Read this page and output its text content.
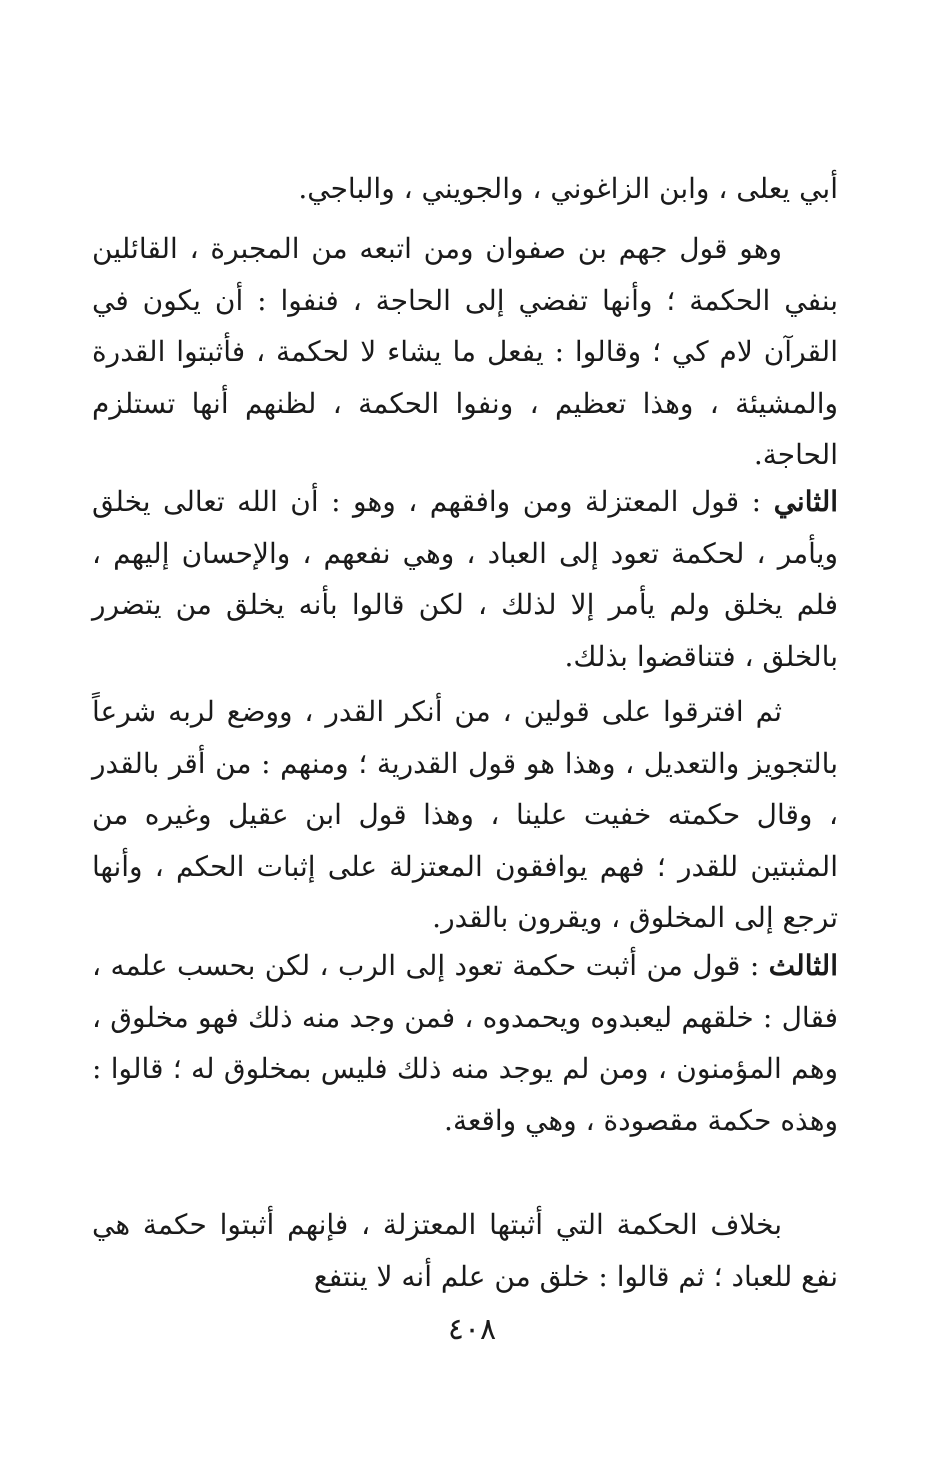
أبي يعلى ، وابن الزاغوني ، والجويني ، والباجي.

وهو قول جهم بن صفوان ومن اتبعه من المجبرة ، القائلين بنفي الحكمة ؛ وأنها تفضي إلى الحاجة ، فنفوا : أن يكون في القرآن لام كي ؛ وقالوا : يفعل ما يشاء لا لحكمة ، فأثبتوا القدرة والمشيئة ، وهذا تعظيم ، ونفوا الحكمة ، لظنهم أنها تستلزم الحاجة.

الثاني : قول المعتزلة ومن وافقهم ، وهو : أن الله تعالى يخلق ويأمر ، لحكمة تعود إلى العباد ، وهي نفعهم ، والإحسان إليهم ، فلم يخلق ولم يأمر إلا لذلك ، لكن قالوا بأنه يخلق من يتضرر بالخلق ، فتناقضوا بذلك.

ثم افترقوا على قولين ، من أنكر القدر ، ووضع لربه شرعاً بالتجويز والتعديل ، وهذا هو قول القدرية ؛ ومنهم : من أقر بالقدر ، وقال حكمته خفيت علينا ، وهذا قول ابن عقيل وغيره من المثبتين للقدر ؛ فهم يوافقون المعتزلة على إثبات الحكم ، وأنها ترجع إلى المخلوق ، ويقرون بالقدر.

الثالث : قول من أثبت حكمة تعود إلى الرب ، لكن بحسب علمه ، فقال : خلقهم ليعبدوه ويحمدوه ، فمن وجد منه ذلك فهو مخلوق ، وهم المؤمنون ، ومن لم يوجد منه ذلك فليس بمخلوق له ؛ قالوا : وهذه حكمة مقصودة ، وهي واقعة.

بخلاف الحكمة التي أثبتها المعتزلة ، فإنهم أثبتوا حكمة هي نفع للعباد ؛ ثم قالوا : خلق من علم أنه لا ينتفع

٤٠٨
